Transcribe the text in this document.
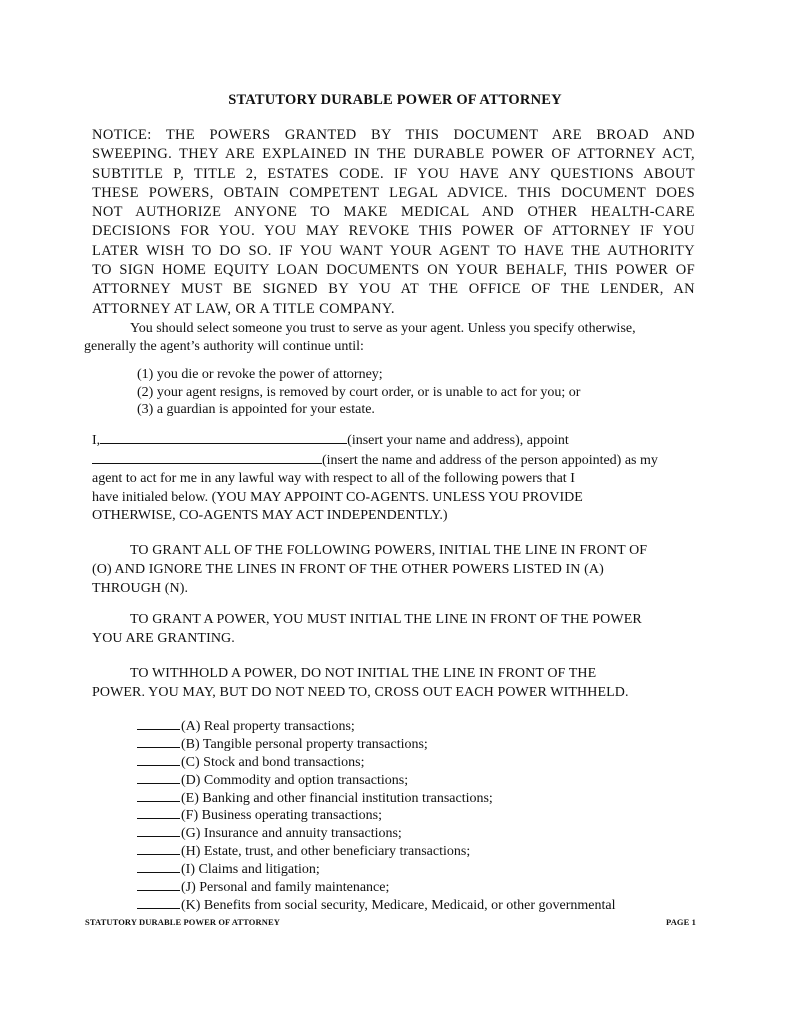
STATUTORY DURABLE POWER OF ATTORNEY
NOTICE: THE POWERS GRANTED BY THIS DOCUMENT ARE BROAD AND
SWEEPING. THEY ARE EXPLAINED IN THE DURABLE POWER OF ATTORNEY ACT,
SUBTITLE P, TITLE 2, ESTATES CODE. IF YOU HAVE ANY QUESTIONS ABOUT
THESE POWERS, OBTAIN COMPETENT LEGAL ADVICE. THIS DOCUMENT DOES
NOT AUTHORIZE ANYONE TO MAKE MEDICAL AND OTHER HEALTH-CARE
DECISIONS FOR YOU. YOU MAY REVOKE THIS POWER OF ATTORNEY IF YOU
LATER WISH TO DO SO. IF YOU WANT YOUR AGENT TO HAVE THE AUTHORITY
TO SIGN HOME EQUITY LOAN DOCUMENTS ON YOUR BEHALF, THIS POWER OF
ATTORNEY MUST BE SIGNED BY YOU AT THE OFFICE OF THE LENDER, AN
ATTORNEY AT LAW, OR A TITLE COMPANY.
You should select someone you trust to serve as your agent. Unless you specify otherwise,
generally the agent’s authority will continue until:
(1) you die or revoke the power of attorney;
(2) your agent resigns, is removed by court order, or is unable to act for you; or
(3) a guardian is appointed for your estate.
I,	(insert your name and address), appoint
(insert the name and address of the person appointed) as my
agent to act for me in any lawful way with respect to all of the following powers that I
have initialed below. (YOU MAY APPOINT CO-AGENTS. UNLESS YOU PROVIDE
OTHERWISE, CO-AGENTS MAY ACT INDEPENDENTLY.)
TO GRANT ALL OF THE FOLLOWING POWERS, INITIAL THE LINE IN FRONT OF
(O) AND IGNORE THE LINES IN FRONT OF THE OTHER POWERS LISTED IN (A)
THROUGH (N).
TO GRANT A POWER, YOU MUST INITIAL THE LINE IN FRONT OF THE POWER
YOU ARE GRANTING.
TO WITHHOLD A POWER, DO NOT INITIAL THE LINE IN FRONT OF THE
POWER. YOU MAY, BUT DO NOT NEED TO, CROSS OUT EACH POWER WITHHELD.
(A) Real property transactions;
(B) Tangible personal property transactions;
(C) Stock and bond transactions;
(D) Commodity and option transactions;
(E) Banking and other financial institution transactions;
(F) Business operating transactions;
(G) Insurance and annuity transactions;
(H) Estate, trust, and other beneficiary transactions;
(I) Claims and litigation;
(J) Personal and family maintenance;
(K) Benefits from social security, Medicare, Medicaid, or other governmental
STATUTORY DURABLE POWER OF ATTORNEY	PAGE 1
